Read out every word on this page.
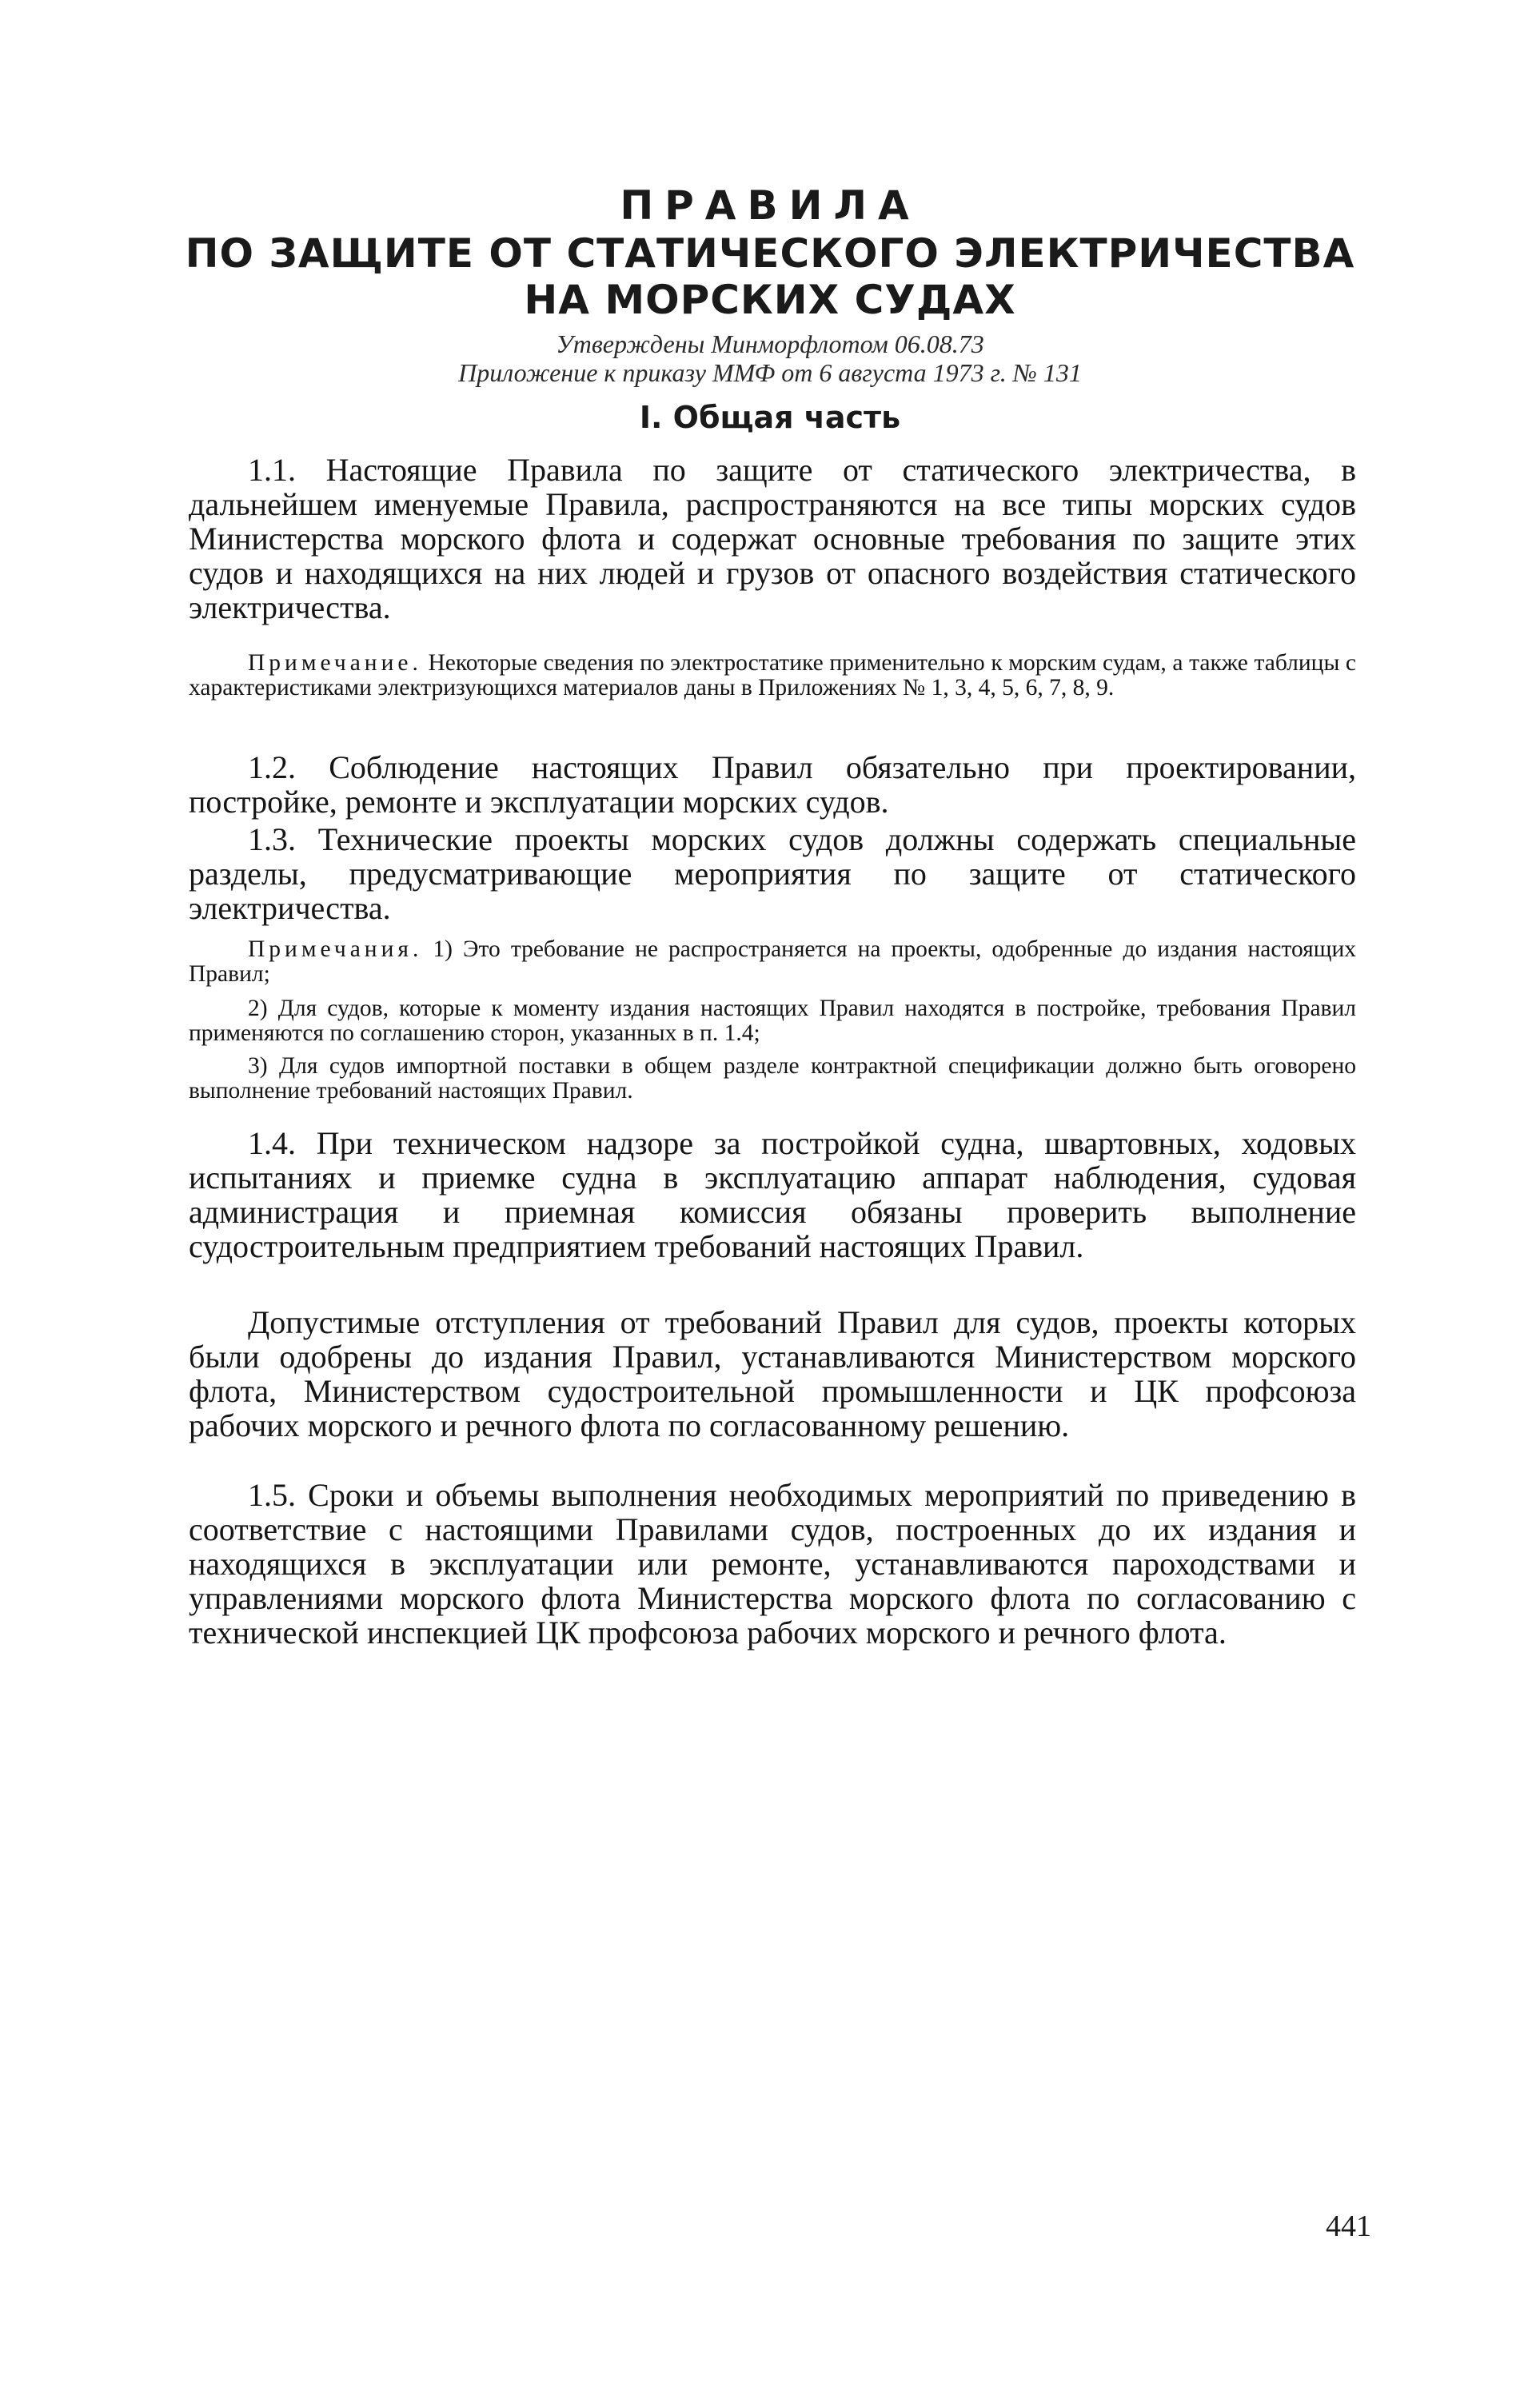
ПРАВИЛА
ПО ЗАЩИТЕ ОТ СТАТИЧЕСКОГО ЭЛЕКТРИЧЕСТВА
НА МОРСКИХ СУДАХ
Утверждены Минморфлотом 06.08.73
Приложение к приказу ММФ от 6 августа 1973 г. № 131
I. Общая часть
1.1. Настоящие Правила по защите от статического электричества, в дальнейшем именуемые Правила, распространяются на все типы морских судов Министерства морского флота и содержат основные требования по защите этих судов и находящихся на них людей и грузов от опасного воздействия статического электричества.
Примечание. Некоторые сведения по электростатике применительно к морским судам, а также таблицы с характеристиками электризующихся материалов даны в Приложениях № 1, 3, 4, 5, 6, 7, 8, 9.
1.2. Соблюдение настоящих Правил обязательно при проектировании, постройке, ремонте и эксплуатации морских судов.
1.3. Технические проекты морских судов должны содержать специальные разделы, предусматривающие мероприятия по защите от статического электричества.
Примечания. 1) Это требование не распространяется на проекты, одобренные до издания настоящих Правил;
2) Для судов, которые к моменту издания настоящих Правил находятся в постройке, требования Правил применяются по соглашению сторон, указанных в п. 1.4;
3) Для судов импортной поставки в общем разделе контрактной спецификации должно быть оговорено выполнение требований настоящих Правил.
1.4. При техническом надзоре за постройкой судна, швартовных, ходовых испытаниях и приемке судна в эксплуатацию аппарат наблюдения, судовая администрация и приемная комиссия обязаны проверить выполнение судостроительным предприятием требований настоящих Правил.
Допустимые отступления от требований Правил для судов, проекты которых были одобрены до издания Правил, устанавливаются Министерством морского флота, Министерством судостроительной промышленности и ЦК профсоюза рабочих морского и речного флота по согласованному решению.
1.5. Сроки и объемы выполнения необходимых мероприятий по приведению в соответствие с настоящими Правилами судов, построенных до их издания и находящихся в эксплуатации или ремонте, устанавливаются пароходствами и управлениями морского флота Министерства морского флота по согласованию с технической инспекцией ЦК профсоюза рабочих морского и речного флота.
441
